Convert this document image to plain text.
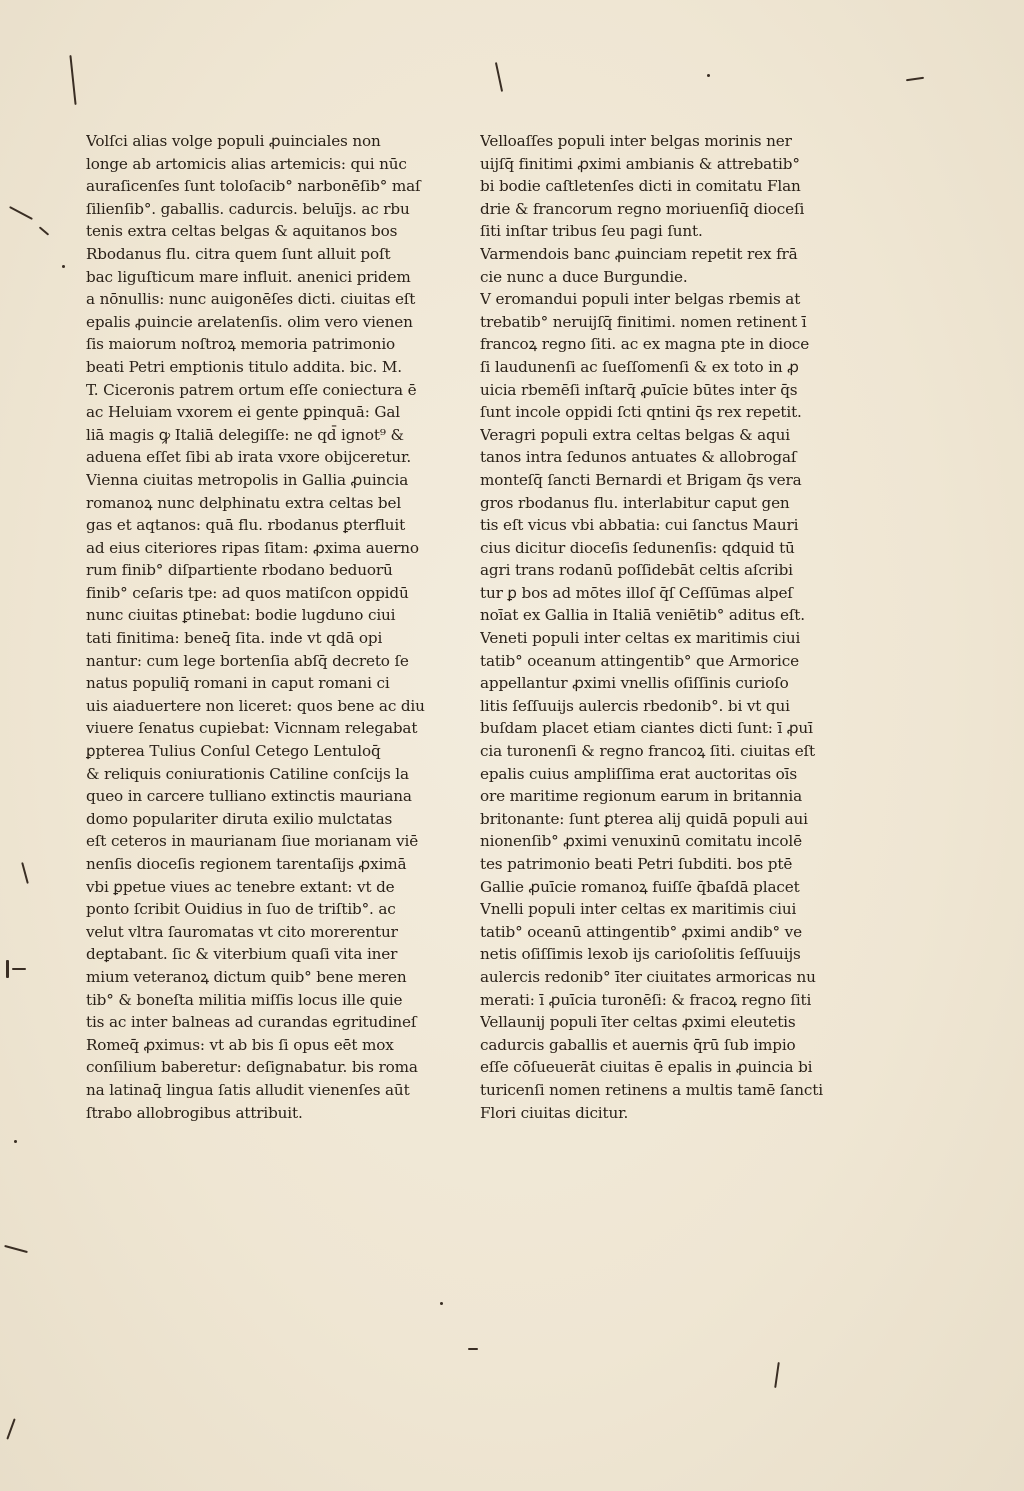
Volſci alias volge populi ꝓuinciales non
longe ab artomicis alias artemicis: qui nūc
auraſicenſes ſunt tolоſacib° narbonēſib° maſ
ſilienſib°. gaballis. cadurcis. beluījs. ac rbu
tenis extra celtas belgas & aquitanos bos
Rbodanus flu. citra quem ſunt alluit poſt
bac liguſticum mare influit. anenici pridem
a nōnullis: nunc auigonēſes dicti. ciuitas eſt
epalis ꝓuincie arelatenſis. olim vero vienen
ſis maiorum noſtroꝝ memoria patrimonio
beati Petri emptionis titulo addita. bic. M.
T. Ciceronis patrem ortum eſſe coniectura ē
ac Heluiam vxorem ei gente ꝑpinquā: Gal
liā magis ꝙ Italiā delegiſſe: ne qd̄ ignot⁹ &
aduena eſſet ſibi ab irata vxore obijceretur.
Vienna ciuitas metropolis in Gallia ꝓuincia
romanoꝝ nunc delphinatu extra celtas bel
gas et aqtanos: quā flu. rbodanus ꝑterfluit
ad eius citeriores ripas ſitam: ꝓxima auerno
rum finib° diſpartiente rbodano beduorū
finib° ceſaris tpe: ad quos matiſcon oppidū
nunc ciuitas ꝑtinebat: bodie lugduno ciui
tati finitima: beneq̄ ſita. inde vt qdā opi
nantur: cum lege bortenſia abſq̄ decreto ſe
natus populiq̄ romani in caput romani ci
uis aiaduertere non liceret: quos bene ac diu
viuere ſenatus cupiebat: Vicnnam relegabat
ꝑpterea Tulius Conſul Cetego Lentuloq̄
& reliquis coniurationis Catiline conſcijs la
queo in carcere tulliano extinctis mauriana
domo populariter diruta exilio mulctatas
eſt ceteros in maurianam ſiue morianam viē
nenſis dioceſis regionem tarentaſijs ꝓximā
vbi ꝑpetue viues ac tenebre extant: vt de
ponto ſcribit Ouidius in ſuo de triſtib°. ac
velut vltra ſauromatas vt cito morerentur
deꝑtabant. ſic & viterbium quaſi vita iner
mium veteranoꝝ dictum quib° bene meren
tib° & boneſta militia miſſis locus ille quie
tis ac inter balneas ad curandas egritudineſ
Romeq̄ ꝓximus: vt ab bis ſi opus eēt mox
conſilium baberetur: deſignabatur. bis roma
na latinaq̄ lingua ſatis alludit vienenſes aūt
ſtrabo allobrogibus attribuit.
Velloaſſes populi inter belgas morinis ner
uijſq̄ finitimi ꝓximi ambianis & attrebatib°
bi bodie caſtletenſes dicti in comitatu Flan
drie & francorum regno moriuenſiq̄ dioceſi
ſiti inſtar tribus ſeu pagi ſunt.
Varmendois banc ꝓuinciam repetit rex frā
cie nunc a duce Burgundie.
V eromandui populi inter belgas rbemis at
trebatib° neruijſq̄ finitimi. nomen retinent ī
francoꝝ regno ſiti. ac ex magna pte in dioce
ſi laudunenſi ac ſueſſomenſi & ex toto in ꝓ
uicia rbemēſi inſtarq̄ ꝓuīcie būtes inter q̄s
ſunt incole oppidi ſcti qntini q̄s rex repetit.
Veragri populi extra celtas belgas & aqui
tanos intra ſedunos antuates & allobrogaſ
monteſq̄ ſancti Bernardi et Brigam q̄s vera
gros rbodanus flu. interlabitur caput gen
tis eſt vicus vbi abbatia: cui ſanctus Mauri
cius dicitur dioceſis ſedunenſis: qdquid tū
agri trans rodanū poſſidebāt celtis aſcribi
tur ꝑ bos ad mōtes illoſ q̄ſ Ceſſūmas alpeſ
noīat ex Gallia in Italiā veniētib° aditus eſt.
Veneti populi inter celtas ex maritimis ciui
tatib° oceanum attingentib° que Armorice
appellantur ꝓximi vnellis oſiſſinis curioſo
litis ſeſſuuijs aulercis rbedonib°. bi vt qui
buſdam placet etiam ciantes dicti ſunt: ī ꝓuī
cia turonenſi & regno francoꝝ ſiti. ciuitas eſt
epalis cuius ampliſſima erat auctoritas oīs
ore maritime regionum earum in britannia
britonante: ſunt ꝑterea alij quidā populi aui
nionenſib° ꝓximi venuxinū comitatu incolē
tes patrimonio beati Petri ſubditi. bos ptē
Gallie ꝓuīcie romanoꝝ fuiſſe q̄baſdā placet
Vnelli populi inter celtas ex maritimis ciui
tatib° oceanū attingentib° ꝓximi andib° ve
netis oſiſſimis lexob ijs carioſolitis ſeſſuuijs
aulercis redonib° īter ciuitates armoricas nu
merati: ī ꝓuīcia turonēſi: & fracoꝝ regno ſiti
Vellaunij populi īter celtas ꝓximi eleutetis
cadurcis gaballis et auernis q̄rū ſub impio
eſſe cōſueuerāt ciuitas ē epalis in ꝓuincia bi
turicenſi nomen retinens a multis tamē ſancti
Flori ciuitas dicitur.
